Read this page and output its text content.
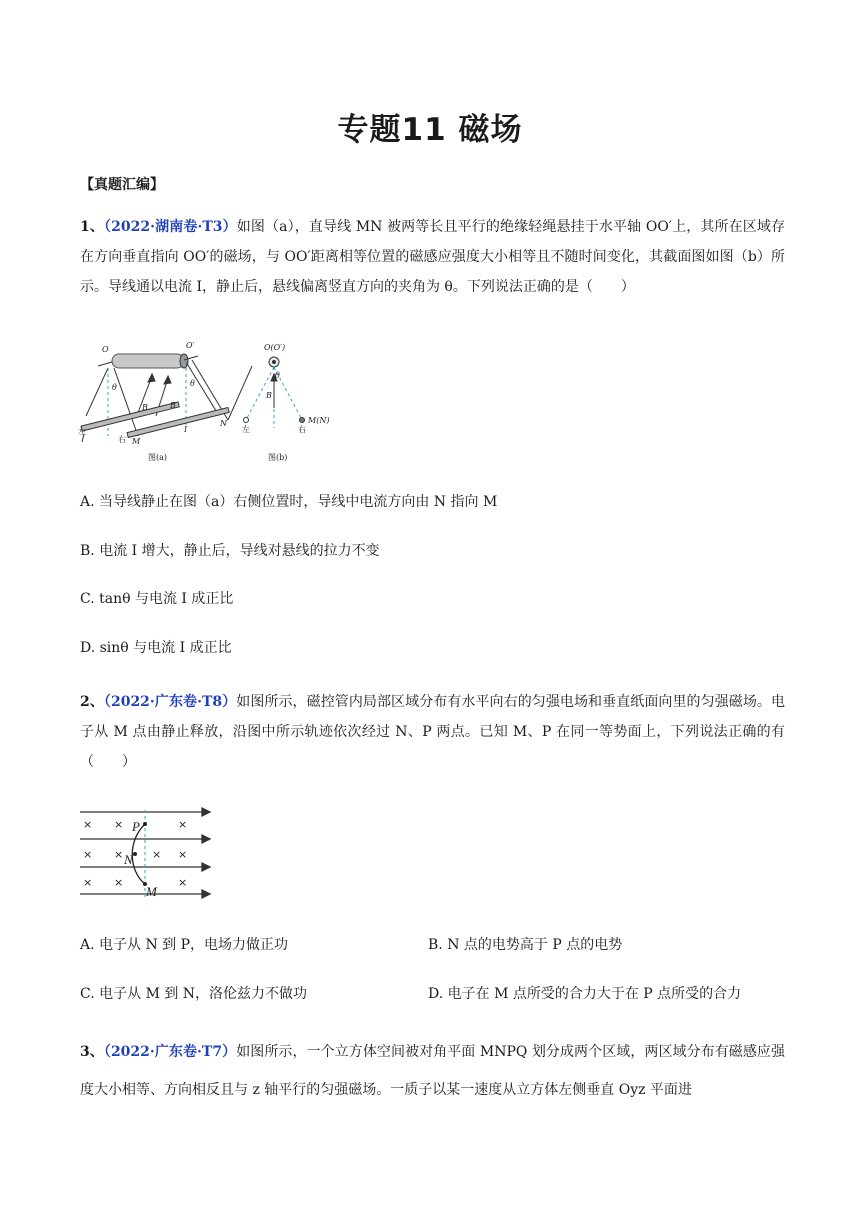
专题11 磁场
【真题汇编】
1、（2022·湖南卷·T3）如图（a），直导线 MN 被两等长且平行的绝缘轻绳悬挂于水平轴 OO′上，其所在区域存在方向垂直指向 OO′的磁场，与 OO′距离相等位置的磁感应强度大小相等且不随时间变化，其截面图如图（b）所示。导线通以电流 I，静止后，悬线偏离竖直方向的夹角为 θ。下列说法正确的是（　　）
O	O′
θ	θ
B	B
N
M
I
左
右
图(a)
O(O′)
θ
B
M(N)
左	右
图(b)
A. 当导线静止在图（a）右侧位置时，导线中电流方向由 N 指向 M
B. 电流 I 增大，静止后，导线对悬线的拉力不变
C. tanθ 与电流 I 成正比
D. sinθ 与电流 I 成正比
2、（2022·广东卷·T8）如图所示，磁控管内局部区域分布有水平向右的匀强电场和垂直纸面向里的匀强磁场。电子从 M 点由静止释放，沿图中所示轨迹依次经过 N、P 两点。已知 M、P 在同一等势面上，下列说法正确的有（　　）
× ×	×
× ×	× ×
× ×	×
P
N
M
A. 电子从 N 到 P，电场力做正功	B. N 点的电势高于 P 点的电势
C. 电子从 M 到 N，洛伦兹力不做功	D. 电子在 M 点所受的合力大于在 P 点所受的合力
3、（2022·广东卷·T7）如图所示，一个立方体空间被对角平面 MNPQ 划分成两个区域，两区域分布有磁感应强度大小相等、方向相反且与 z 轴平行的匀强磁场。一质子以某一速度从立方体左侧垂直 Oyz 平面进
